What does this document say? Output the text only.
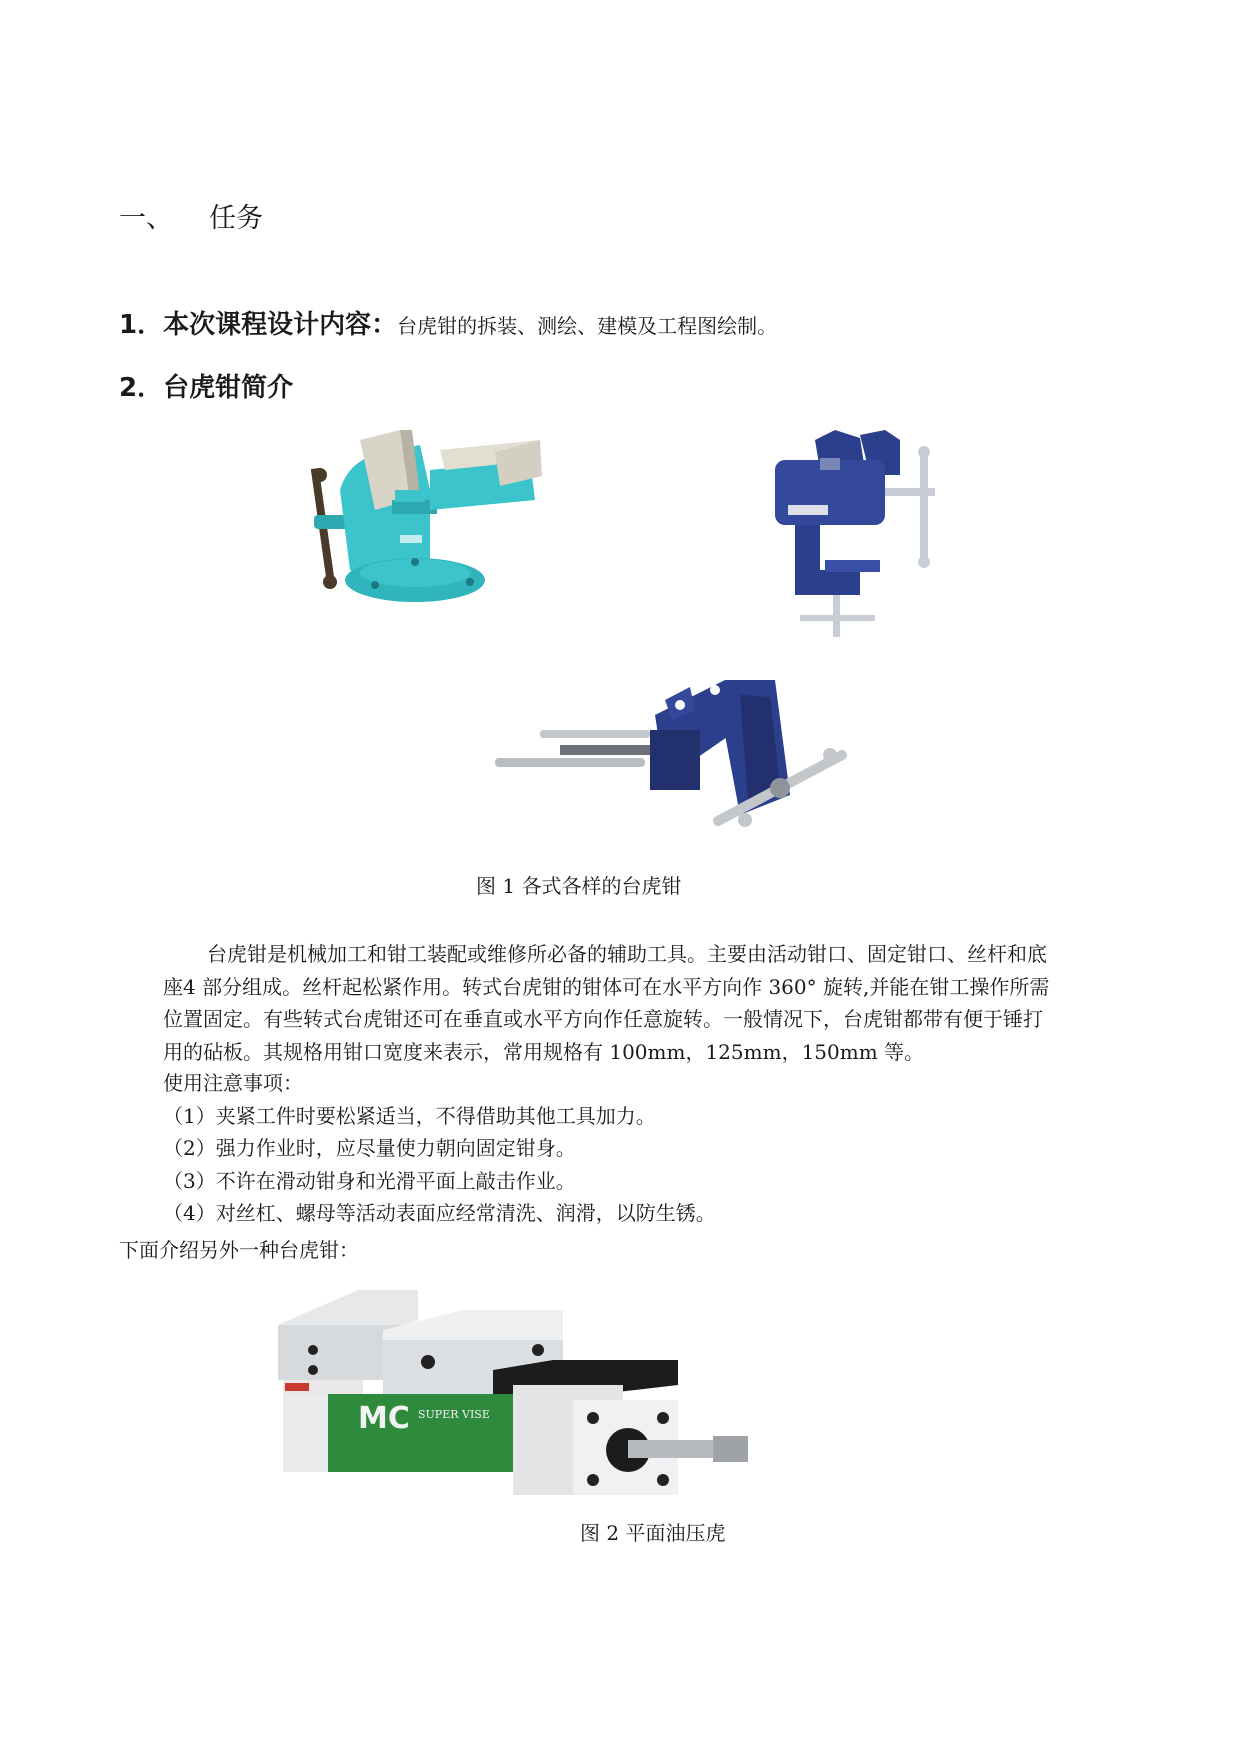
一、 任务
1．本次课程设计内容：台虎钳的拆装、测绘、建模及工程图绘制。
2．台虎钳简介
图 1 各式各样的台虎钳

台虎钳是机械加工和钳工装配或维修所必备的辅助工具。主要由活动钳口、固定钳口、丝杆和底

座4 部分组成。丝杆起松紧作用。转式台虎钳的钳体可在水平方向作 360° 旋转,并能在钳工操作所需

位置固定。有些转式台虎钳还可在垂直或水平方向作任意旋转。一般情况下，台虎钳都带有便于锤打

用的砧板。其规格用钳口宽度来表示，常用规格有 100mm，125mm，150mm 等。

使用注意事项：
（1）夹紧工件时要松紧适当，不得借助其他工具加力。
（2）强力作业时，应尽量使力朝向固定钳身。
（3）不许在滑动钳身和光滑平面上敲击作业。
（4）对丝杠、螺母等活动表面应经常清洗、润滑，以防生锈。
下面介绍另外一种台虎钳：
MC SUPER VISE
图 2 平面油压虎
